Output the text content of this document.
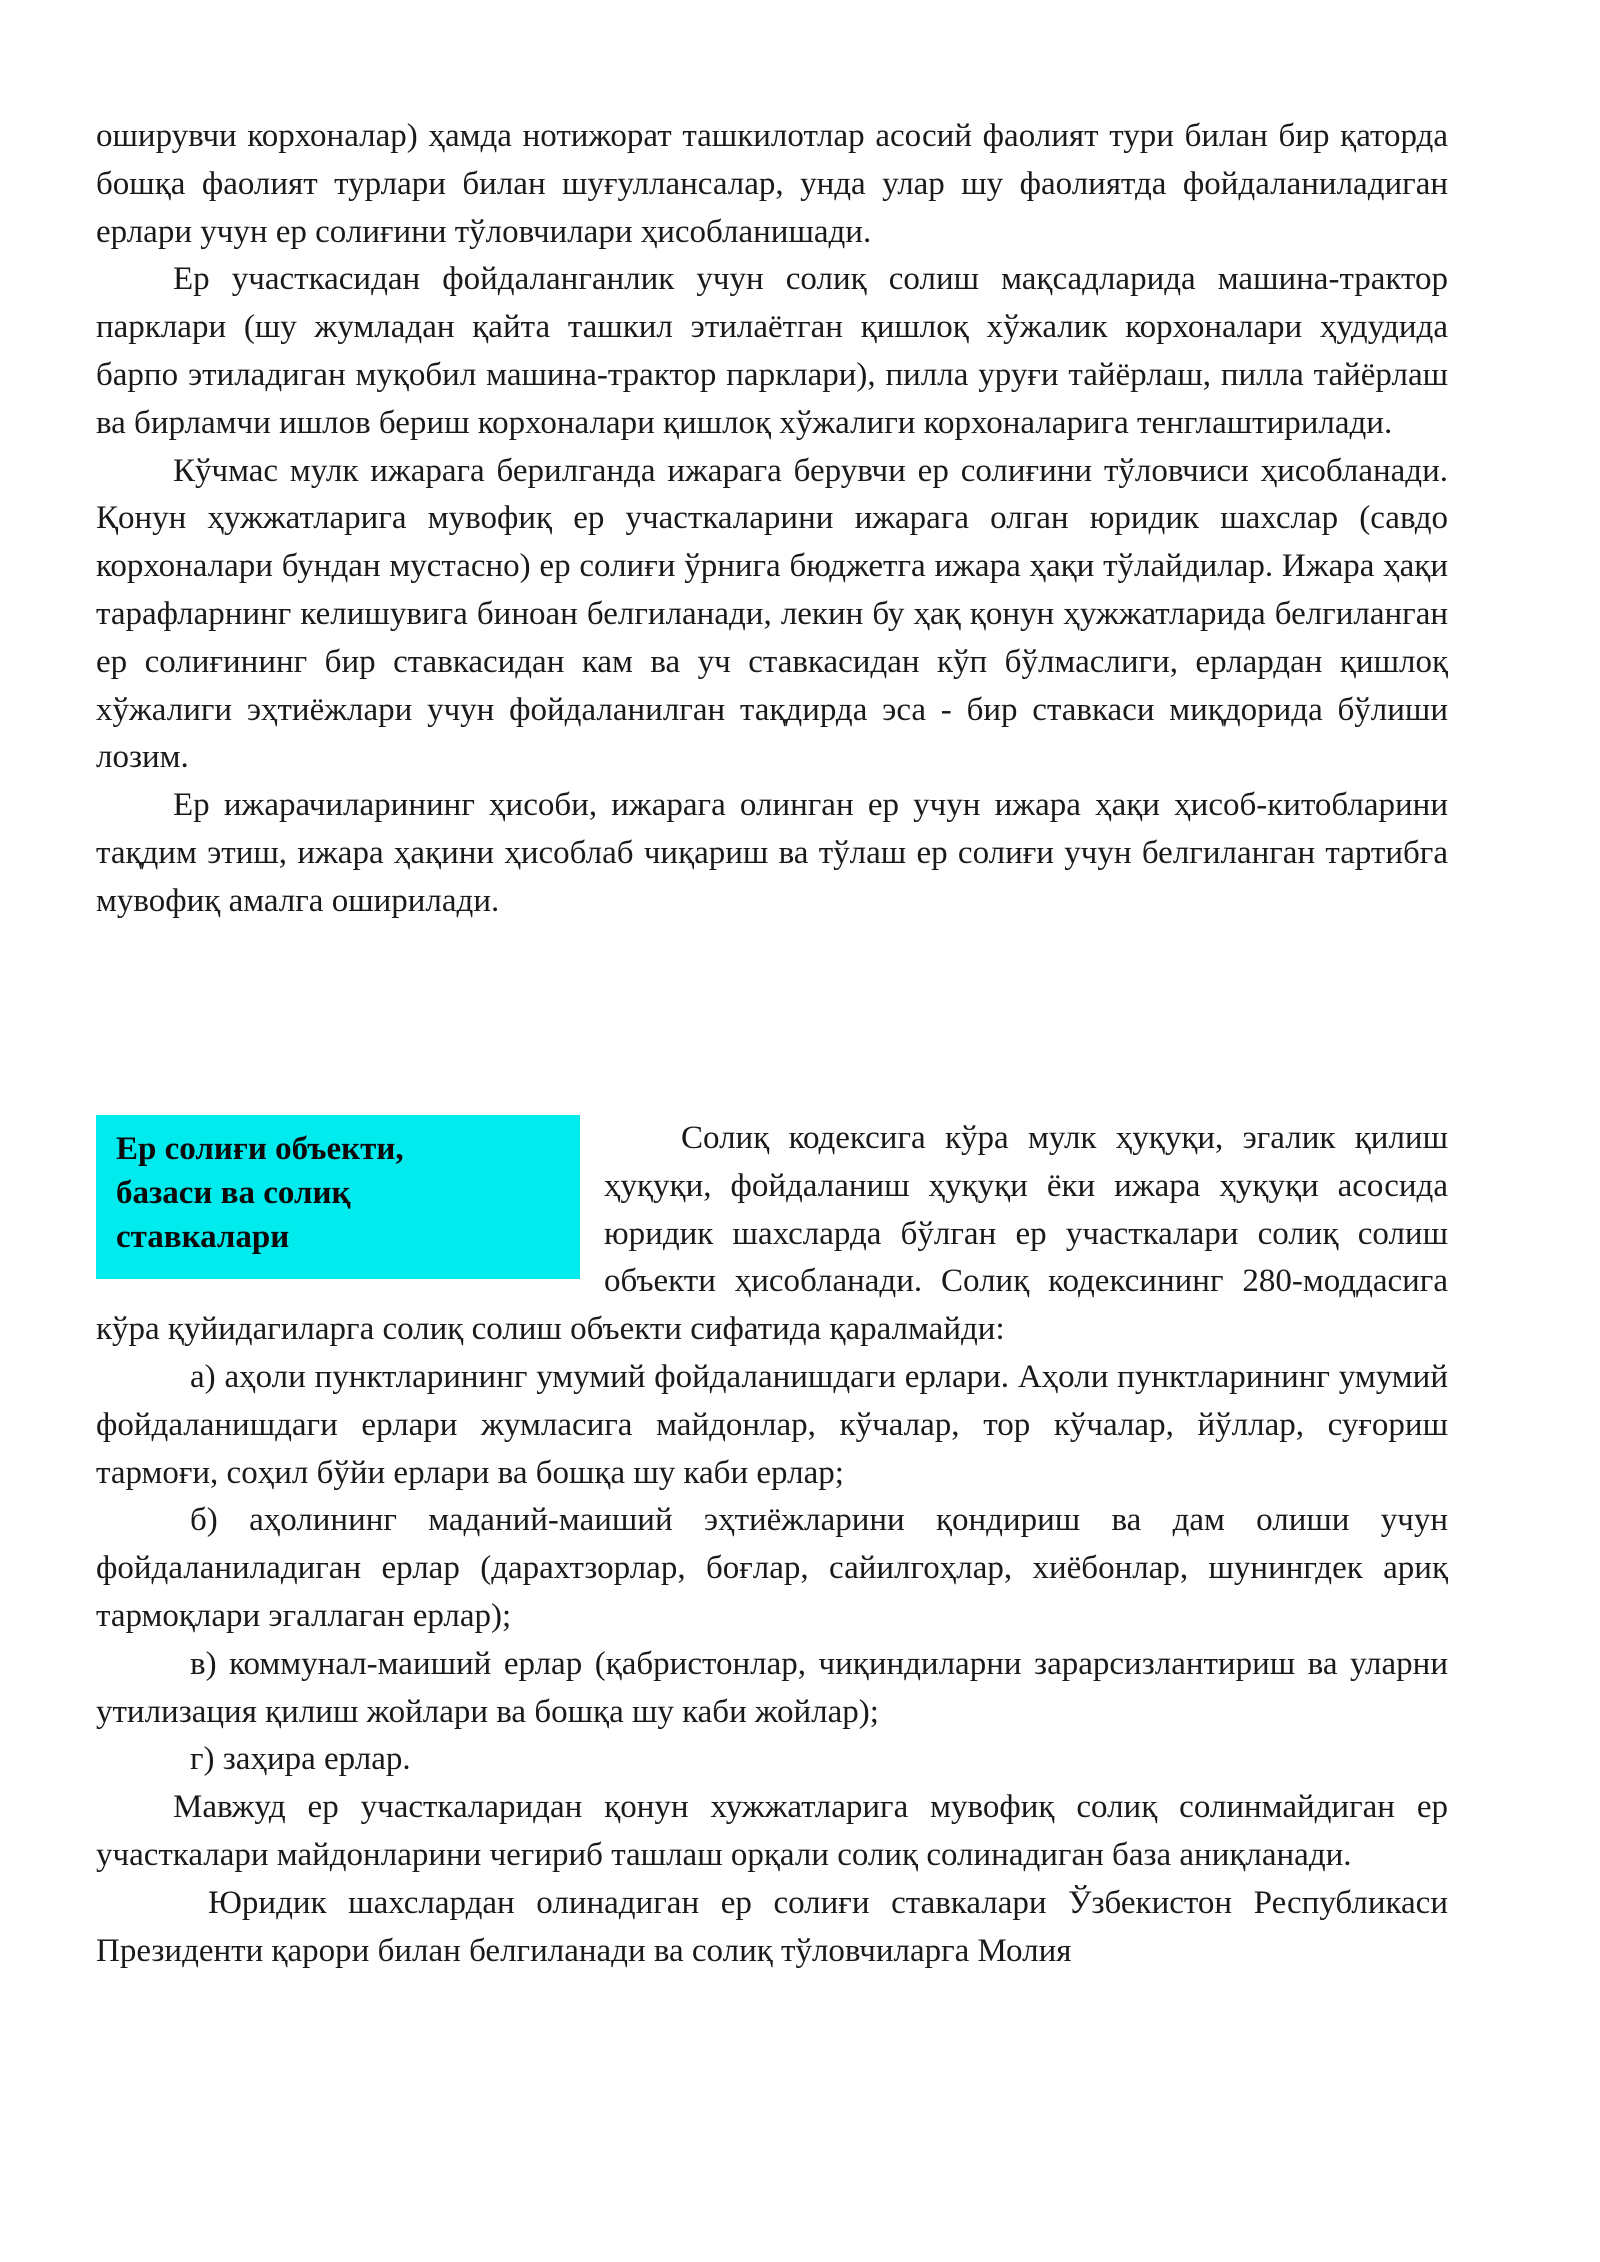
оширувчи корхоналар) ҳамда нотижорат ташкилотлар асосий фаолият тури билан бир қаторда бошқа фаолият турлари билан шуғуллансалар, унда улар шу фаолиятда фойдаланиладиган ерлари учун ер солиғини тўловчилари ҳисобланишади.

Ер участкасидан фойдаланганлик учун солиқ солиш мақсадларида машина-трактор парклари (шу жумладан қайта ташкил этилаётган қишлоқ хўжалик корхоналари ҳудудида барпо этиладиган муқобил машина-трактор парклари), пилла уруғи тайёрлаш, пилла тайёрлаш ва бирламчи ишлов бериш корхоналари қишлоқ хўжалиги корхоналарига тенглаштирилади.

Кўчмас мулк ижарага берилганда ижарага берувчи ер солиғини тўловчиси ҳисобланади. Қонун ҳужжатларига мувофиқ ер участкаларини ижарага олган юридик шахслар (савдо корхоналари бундан мустасно) ер солиғи ўрнига бюджетга ижара ҳақи тўлайдилар. Ижара ҳақи тарафларнинг келишувига биноан белгиланади, лекин бу ҳақ қонун ҳужжатларида белгиланган ер солиғининг бир ставкасидан кам ва уч ставкасидан кўп бўлмаслиги, ерлардан қишлоқ хўжалиги эҳтиёжлари учун фойдаланилган тақдирда эса - бир ставкаси миқдорида бўлиши лозим.

Ер ижарачиларининг ҳисоби, ижарага олинган ер учун ижара ҳақи ҳисоб-китобларини тақдим этиш, ижара ҳақини ҳисоблаб чиқариш ва тўлаш ер солиғи учун белгиланган тартибга мувофиқ амалга оширилади.

Ер солиғи объекти,
базаси ва солиқ
ставкалари

Солиқ кодексига кўра мулк ҳуқуқи, эгалик қилиш ҳуқуқи, фойдаланиш ҳуқуқи ёки ижара ҳуқуқи асосида юридик шахсларда бўлган ер участкалари солиқ солиш объекти ҳисобланади. Солиқ кодексининг 280-моддасига кўра қуйидагиларга солиқ солиш объекти сифатида қаралмайди:

а) аҳоли пунктларининг умумий фойдаланишдаги ерлари. Аҳоли пунктларининг умумий фойдаланишдаги ерлари жумласига майдонлар, кўчалар, тор кўчалар, йўллар, суғориш тармоғи, соҳил бўйи ерлари ва бошқа шу каби ерлар;

б) аҳолининг маданий-маиший эҳтиёжларини қондириш ва дам олиши учун фойдаланиладиган ерлар (дарахтзорлар, боғлар, сайилгоҳлар, хиёбонлар, шунингдек ариқ тармоқлари эгаллаган ерлар);

в) коммунал-маиший ерлар (қабристонлар, чиқиндиларни зарарсизлантириш ва уларни утилизация қилиш жойлари ва бошқа шу каби жойлар);

г) заҳира ерлар.

Мавжуд ер участкаларидан қонун хужжатларига мувофиқ солиқ солинмайдиган ер участкалари майдонларини чегириб ташлаш орқали солиқ солинадиган база аниқланади.

Юридик шахслардан олинадиган ер солиғи ставкалари Ўзбекистон Республикаси Президенти қарори билан белгиланади ва солиқ тўловчиларга Молия
